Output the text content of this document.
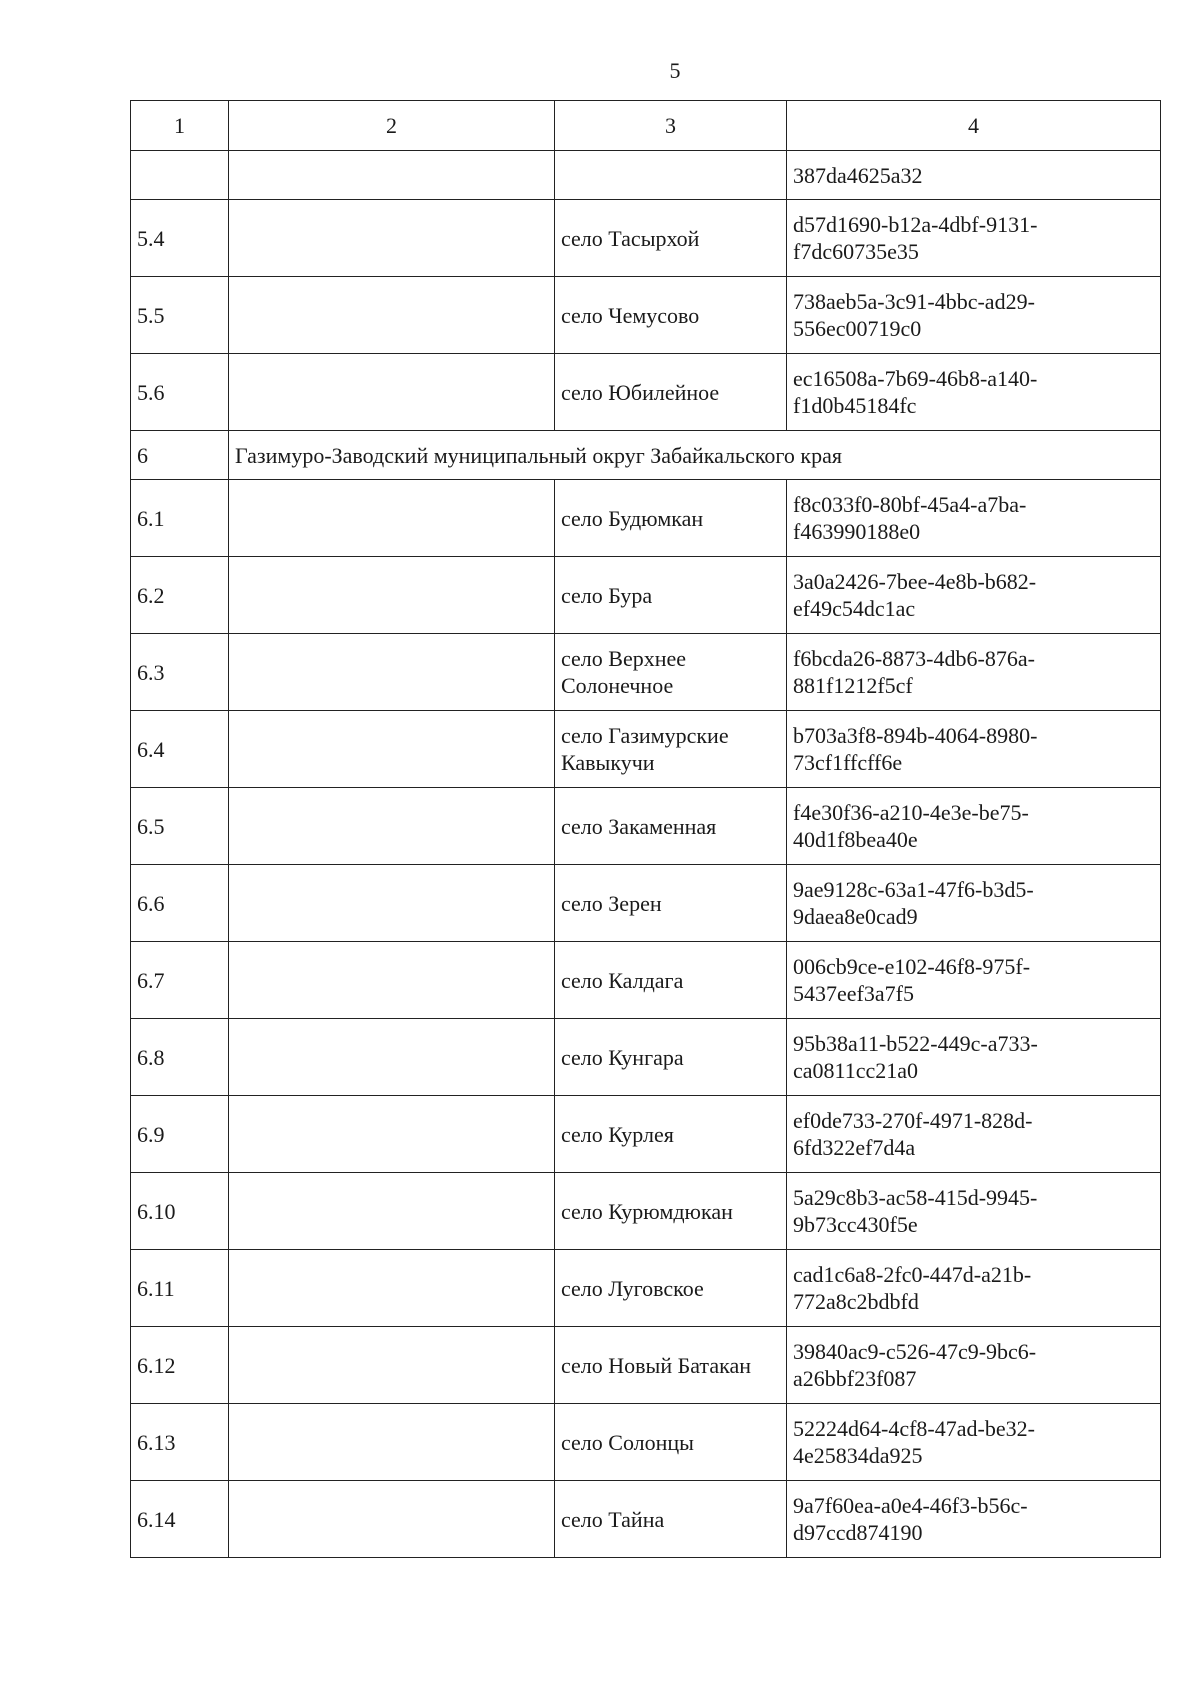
5
1	2	3	4
			387da4625a32
5.4		село Тасырхой	d57d1690-b12a-4dbf-9131-
f7dc60735e35

5.5		село Чемусово	738aeb5a-3c91-4bbc-ad29-
556ec00719c0

5.6		село Юбилейное	ec16508a-7b69-46b8-a140-
f1d0b45184fc

6	Газимуро-Заводский муниципальный округ Забайкальского края		
6.1		село Будюмкан	f8c033f0-80bf-45a4-a7ba-
f463990188e0

6.2		село Бура	3a0a2426-7bee-4e8b-b682-
ef49c54dc1ac

6.3		село Верхнее Солонечное	f6bcda26-8873-4db6-876a-
881f1212f5cf

6.4		село Газимурские Кавыкучи	b703a3f8-894b-4064-8980-
73cf1ffcff6e

6.5		село Закаменная	f4e30f36-a210-4e3e-be75-
40d1f8bea40e

6.6		село Зерен	9ae9128c-63a1-47f6-b3d5-
9daea8e0cad9

6.7		село Калдага	006cb9ce-e102-46f8-975f-
5437eef3a7f5

6.8		село Кунгара	95b38a11-b522-449c-a733-
ca0811cc21a0

6.9		село Курлея	ef0de733-270f-4971-828d-
6fd322ef7d4a

6.10		село Курюмдюкан	5a29c8b3-ac58-415d-9945-
9b73cc430f5e

6.11		село Луговское	cad1c6a8-2fc0-447d-a21b-
772a8c2bdbfd

6.12		село Новый Батакан	39840ac9-c526-47c9-9bc6-
a26bbf23f087

6.13		село Солонцы	52224d64-4cf8-47ad-be32-
4e25834da925

6.14		село Тайна	9a7f60ea-a0e4-46f3-b56c-
d97ccd874190
